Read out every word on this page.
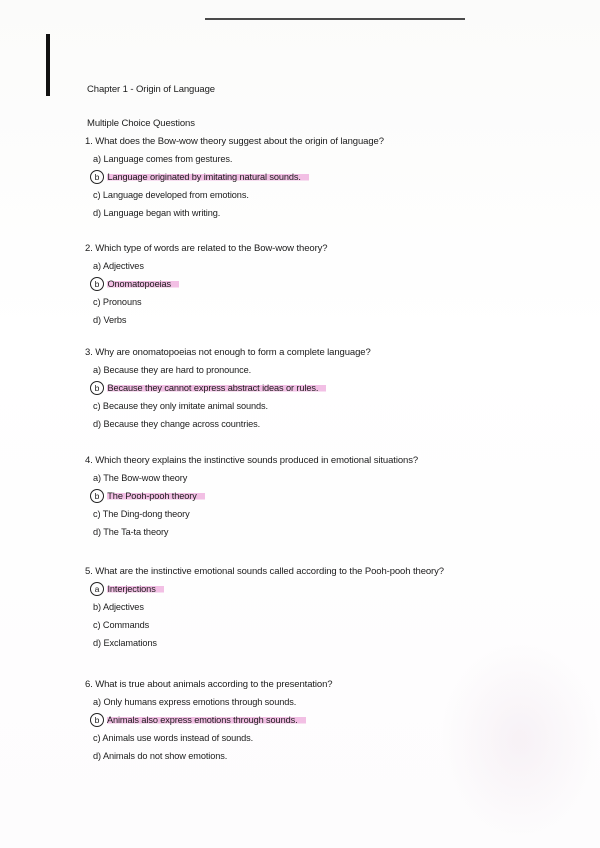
Chapter 1 - Origin of Language
Multiple Choice Questions
1. What does the Bow-wow theory suggest about the origin of language?
a) Language comes from gestures.
b Language originated by imitating natural sounds.
c) Language developed from emotions.
d) Language began with writing.
2. Which type of words are related to the Bow-wow theory?
a) Adjectives
b Onomatopoeias
c) Pronouns
d) Verbs
3. Why are onomatopoeias not enough to form a complete language?
a) Because they are hard to pronounce.
b Because they cannot express abstract ideas or rules.
c) Because they only imitate animal sounds.
d) Because they change across countries.
4. Which theory explains the instinctive sounds produced in emotional situations?
a) The Bow-wow theory
b The Pooh-pooh theory
c) The Ding-dong theory
d) The Ta-ta theory
5. What are the instinctive emotional sounds called according to the Pooh-pooh theory?
a Interjections
b) Adjectives
c) Commands
d) Exclamations
6. What is true about animals according to the presentation?
a) Only humans express emotions through sounds.
b Animals also express emotions through sounds.
c) Animals use words instead of sounds.
d) Animals do not show emotions.
